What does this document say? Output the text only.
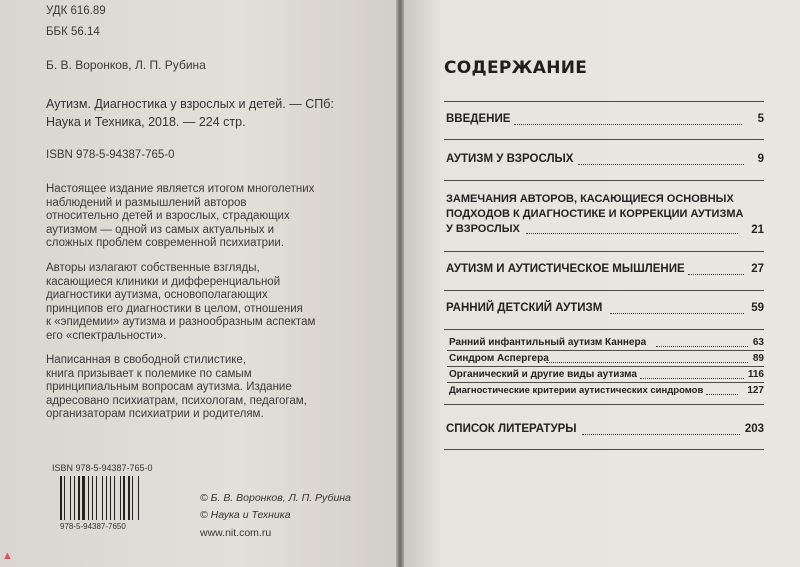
УДК 616.89
ББК 56.14
Б. В. Воронков, Л. П. Рубина
Аутизм. Диагностика у взрослых и детей. — СПб:
Наука и Техника, 2018. — 224 стр.
ISBN 978-5-94387-765-0
Настоящее издание является итогом многолетних
наблюдений и размышлений авторов
относительно детей и взрослых, страдающих
аутизмом — одной из самых актуальных и
сложных проблем современной психиатрии.
Авторы излагают собственные взгляды,
касающиеся клиники и дифференциальной
диагностики аутизма, основополагающих
принципов его диагностики в целом, отношения
к «эпидемии» аутизма и разнообразным аспектам
его «спектральности».
Написанная в свободной стилистике,
книга призывает к полемике по самым
принципиальным вопросам аутизма. Издание
адресовано психиатрам, психологам, педагогам,
организаторам психиатрии и родителям.
ISBN 978-5-94387-765-0
978-5-94387-7650
© Б. В. Воронков, Л. П. Рубина
© Наука и Техника
www.nit.com.ru
▲
СОДЕРЖАНИЕ
ВВЕДЕНИЕ	5
АУТИЗМ У ВЗРОСЛЫХ	9
ЗАМЕЧАНИЯ АВТОРОВ, КАСАЮЩИЕСЯ ОСНОВНЫХ
ПОДХОДОВ К ДИАГНОСТИКЕ И КОРРЕКЦИИ АУТИЗМА
У ВЗРОСЛЫХ	21
АУТИЗМ И АУТИСТИЧЕСКОЕ МЫШЛЕНИЕ	27
РАННИЙ ДЕТСКИЙ АУТИЗМ	59
Ранний инфантильный аутизм Каннера	63
Синдром Аспергера	89
Органический и другие виды аутизма	116
Диагностические критерии аутистических синдромов	127
СПИСОК ЛИТЕРАТУРЫ	203
